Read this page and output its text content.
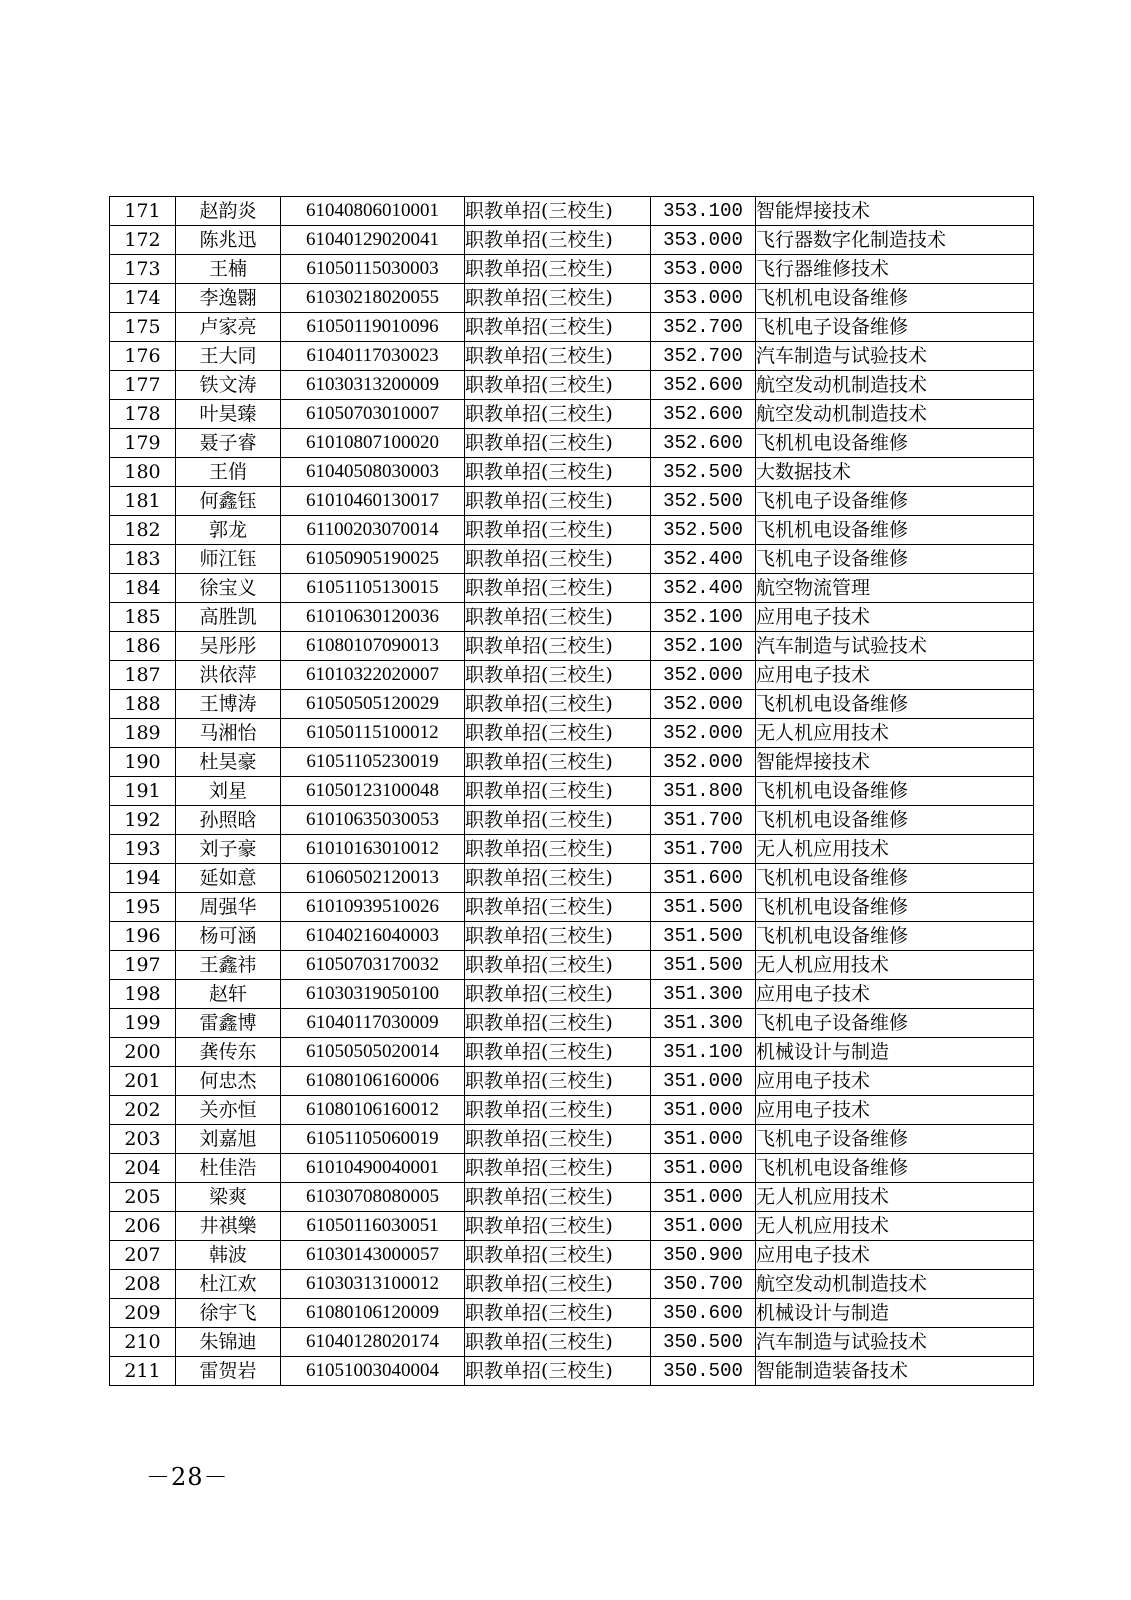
171	赵韵炎	61040806010001	职教单招(三校生)	353.100	智能焊接技术
172	陈兆迅	61040129020041	职教单招(三校生)	353.000	飞行器数字化制造技术
173	王楠	61050115030003	职教单招(三校生)	353.000	飞行器维修技术
174	李逸翾	61030218020055	职教单招(三校生)	353.000	飞机机电设备维修
175	卢家亮	61050119010096	职教单招(三校生)	352.700	飞机电子设备维修
176	王大同	61040117030023	职教单招(三校生)	352.700	汽车制造与试验技术
177	铁文涛	61030313200009	职教单招(三校生)	352.600	航空发动机制造技术
178	叶昊臻	61050703010007	职教单招(三校生)	352.600	航空发动机制造技术
179	聂子睿	61010807100020	职教单招(三校生)	352.600	飞机机电设备维修
180	王俏	61040508030003	职教单招(三校生)	352.500	大数据技术
181	何鑫钰	61010460130017	职教单招(三校生)	352.500	飞机电子设备维修
182	郭龙	61100203070014	职教单招(三校生)	352.500	飞机机电设备维修
183	师江钰	61050905190025	职教单招(三校生)	352.400	飞机电子设备维修
184	徐宝义	61051105130015	职教单招(三校生)	352.400	航空物流管理
185	高胜凯	61010630120036	职教单招(三校生)	352.100	应用电子技术
186	吴彤彤	61080107090013	职教单招(三校生)	352.100	汽车制造与试验技术
187	洪依萍	61010322020007	职教单招(三校生)	352.000	应用电子技术
188	王博涛	61050505120029	职教单招(三校生)	352.000	飞机机电设备维修
189	马湘怡	61050115100012	职教单招(三校生)	352.000	无人机应用技术
190	杜昊豪	61051105230019	职教单招(三校生)	352.000	智能焊接技术
191	刘星	61050123100048	职教单招(三校生)	351.800	飞机机电设备维修
192	孙照晗	61010635030053	职教单招(三校生)	351.700	飞机机电设备维修
193	刘子豪	61010163010012	职教单招(三校生)	351.700	无人机应用技术
194	延如意	61060502120013	职教单招(三校生)	351.600	飞机机电设备维修
195	周强华	61010939510026	职教单招(三校生)	351.500	飞机机电设备维修
196	杨可涵	61040216040003	职教单招(三校生)	351.500	飞机机电设备维修
197	王鑫祎	61050703170032	职教单招(三校生)	351.500	无人机应用技术
198	赵轩	61030319050100	职教单招(三校生)	351.300	应用电子技术
199	雷鑫博	61040117030009	职教单招(三校生)	351.300	飞机电子设备维修
200	龚传东	61050505020014	职教单招(三校生)	351.100	机械设计与制造
201	何忠杰	61080106160006	职教单招(三校生)	351.000	应用电子技术
202	关亦恒	61080106160012	职教单招(三校生)	351.000	应用电子技术
203	刘嘉旭	61051105060019	职教单招(三校生)	351.000	飞机电子设备维修
204	杜佳浩	61010490040001	职教单招(三校生)	351.000	飞机机电设备维修
205	梁爽	61030708080005	职教单招(三校生)	351.000	无人机应用技术
206	井祺樂	61050116030051	职教单招(三校生)	351.000	无人机应用技术
207	韩波	61030143000057	职教单招(三校生)	350.900	应用电子技术
208	杜江欢	61030313100012	职教单招(三校生)	350.700	航空发动机制造技术
209	徐宇飞	61080106120009	职教单招(三校生)	350.600	机械设计与制造
210	朱锦迪	61040128020174	职教单招(三校生)	350.500	汽车制造与试验技术
211	雷贺岩	61051003040004	职教单招(三校生)	350.500	智能制造装备技术
－28－
